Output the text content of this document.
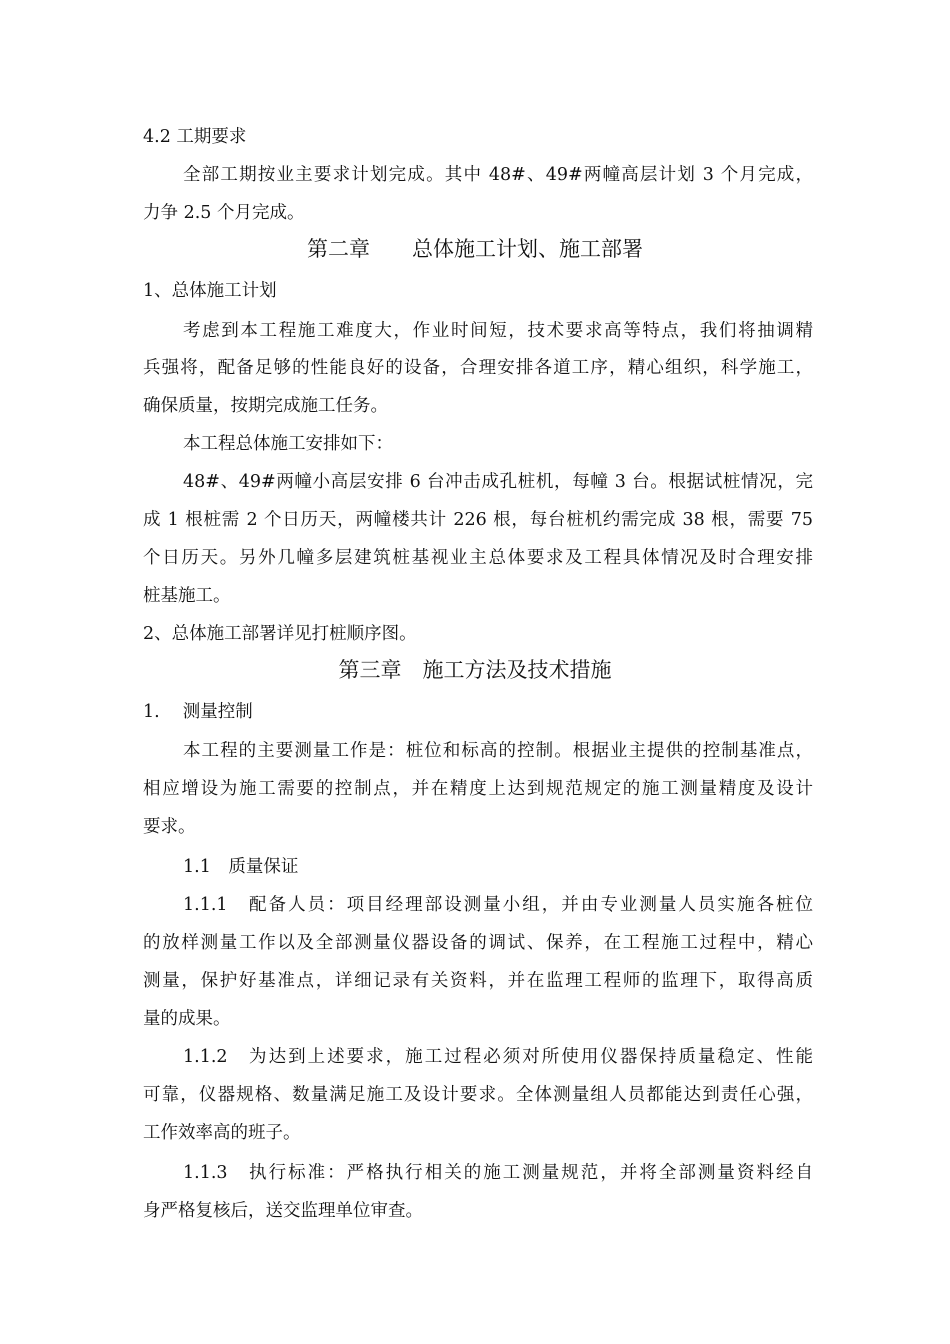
4.2 工期要求
全部工期按业主要求计划完成。其中 48#、49#两幢高层计划 3 个月完成，
力争 2.5 个月完成。
第二章　　总体施工计划、施工部署
1、总体施工计划
考虑到本工程施工难度大，作业时间短，技术要求高等特点，我们将抽调精
兵强将，配备足够的性能良好的设备，合理安排各道工序，精心组织，科学施工，
确保质量，按期完成施工任务。
本工程总体施工安排如下：
48#、49#两幢小高层安排 6 台冲击成孔桩机，每幢 3 台。根据试桩情况，完
成 1 根桩需 2 个日历天，两幢楼共计 226 根，每台桩机约需完成 38 根，需要 75
个日历天。另外几幢多层建筑桩基视业主总体要求及工程具体情况及时合理安排
桩基施工。
2、总体施工部署详见打桩顺序图。
第三章　施工方法及技术措施
1.　 测量控制
本工程的主要测量工作是：桩位和标高的控制。根据业主提供的控制基准点，
相应增设为施工需要的控制点，并在精度上达到规范规定的施工测量精度及设计
要求。
1.1　质量保证
1.1.1　配备人员：项目经理部设测量小组，并由专业测量人员实施各桩位
的放样测量工作以及全部测量仪器设备的调试、保养，在工程施工过程中，精心
测量，保护好基准点，详细记录有关资料，并在监理工程师的监理下，取得高质
量的成果。
1.1.2　为达到上述要求，施工过程必须对所使用仪器保持质量稳定、性能
可靠，仪器规格、数量满足施工及设计要求。全体测量组人员都能达到责任心强，
工作效率高的班子。
1.1.3　执行标准：严格执行相关的施工测量规范，并将全部测量资料经自
身严格复核后，送交监理单位审查。
